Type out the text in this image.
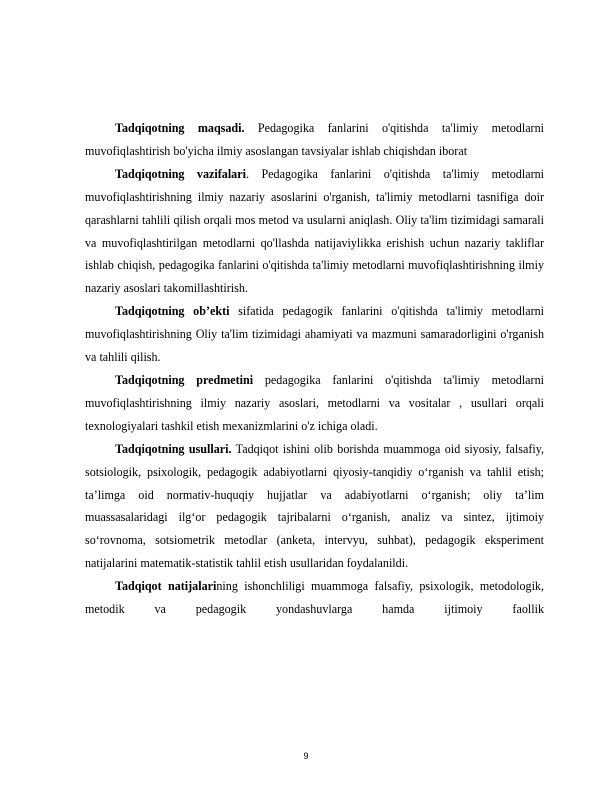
Tadqiqotning maqsadi. Pedagogika fanlarini o'qitishda ta'limiy metodlarni muvofiqlashtirish bo'yicha ilmiy asoslangan tavsiyalar ishlab chiqishdan iborat

Tadqiqotning vazifalari. Pedagogika fanlarini o'qitishda ta'limiy metodlarni muvofiqlashtirishning ilmiy nazariy asoslarini o'rganish, ta'limiy metodlarni tasnifiga doir qarashlarni tahlili qilish orqali mos metod va usularni aniqlash. Oliy ta'lim tizimidagi samarali va muvofiqlashtirilgan metodlarni qo'llashda natijaviylikka erishish uchun nazariy takliflar ishlab chiqish, pedagogika fanlarini o'qitishda ta'limiy metodlarni muvofiqlashtirishning ilmiy nazariy asoslari takomillashtirish.

Tadqiqotning ob’ekti sifatida pedagogik fanlarini o'qitishda ta'limiy metodlarni muvofiqlashtirishning Oliy ta'lim tizimidagi ahamiyati va mazmuni samaradorligini o'rganish va tahlili qilish.

Tadqiqotning predmetini pedagogika fanlarini o'qitishda ta'limiy metodlarni muvofiqlashtirishning ilmiy nazariy asoslari, metodlarni va vositalar , usullari orqali texnologiyalari tashkil etish mexanizmlarini o'z ichiga oladi.

Tadqiqotning usullari. Tadqiqot ishini olib borishda muammoga oid siyosiy, falsafiy, sotsiologik, psixologik, pedagogik adabiyotlarni qiyosiy-tanqidiy o‘rganish va tahlil etish; ta’limga oid normativ-huquqiy hujjatlar va adabiyotlarni o‘rganish; oliy ta’lim muassasalaridagi ilg‘or pedagogik tajribalarni o‘rganish, analiz va sintez, ijtimoiy so‘rovnoma, sotsiometrik metodlar (anketa, intervyu, suhbat), pedagogik eksperiment natijalarini matematik-statistik tahlil etish usullaridan foydalanildi.

Tadqiqot natijalarining ishonchliligi muammoga falsafiy, psixologik, metodologik, metodik va pedagogik yondashuvlarga hamda ijtimoiy faollik

9
